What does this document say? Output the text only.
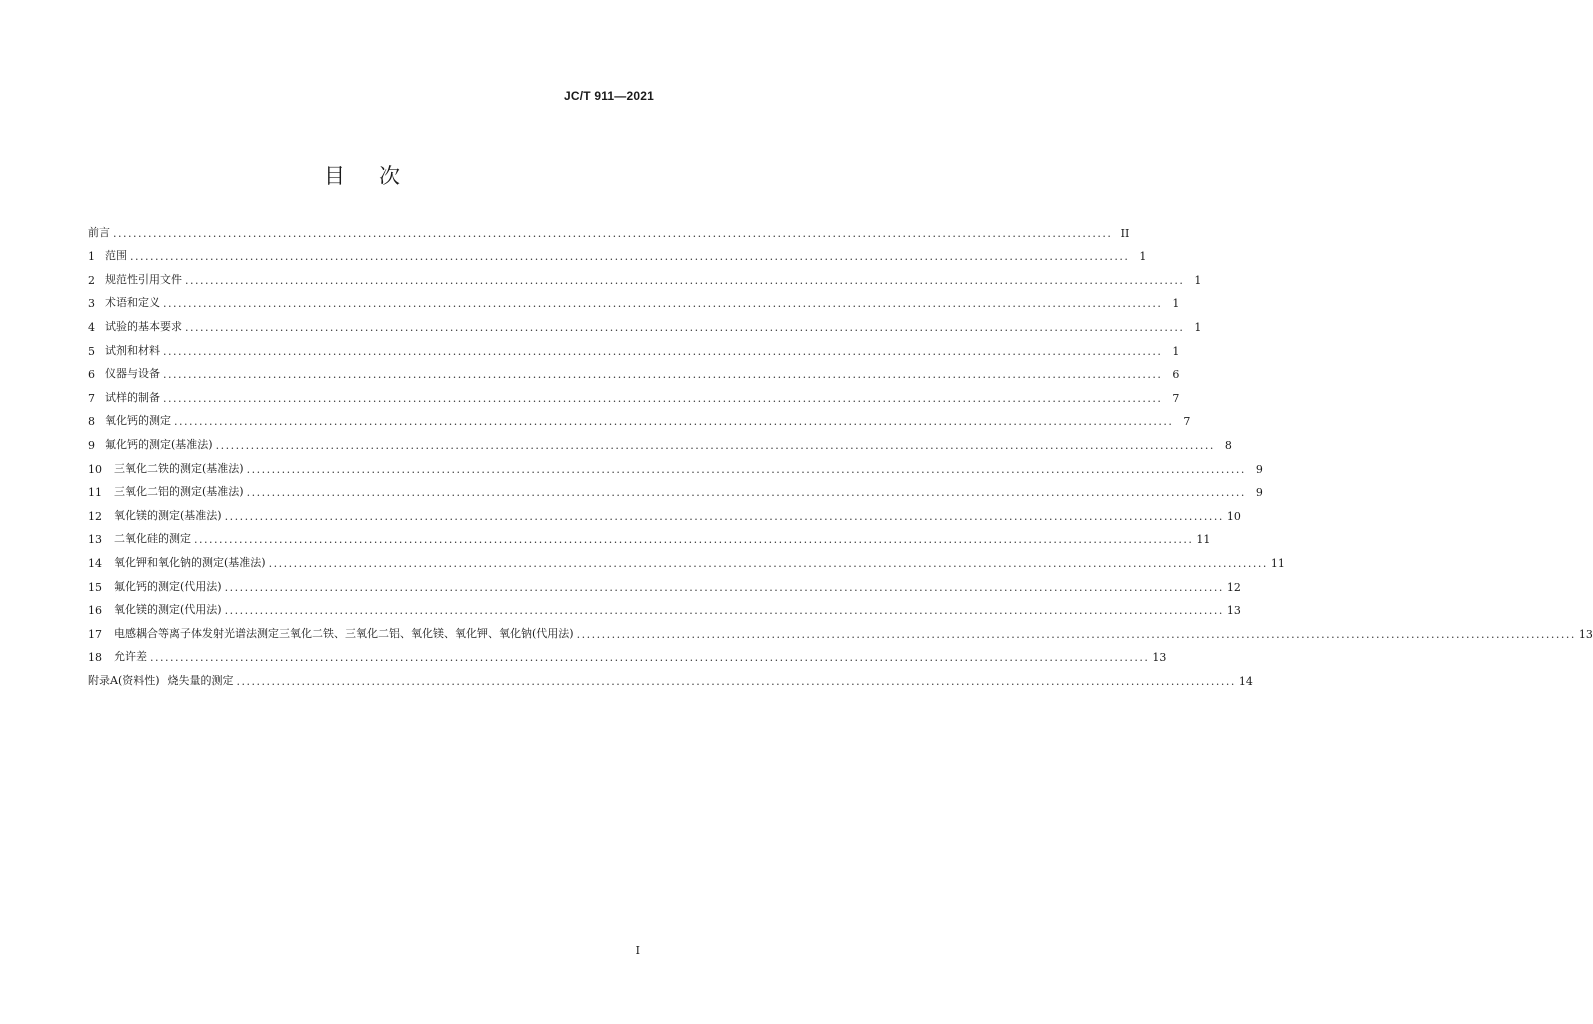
JC/T 911—2021
目次
前言 ........................................................................................................................................................................................................ II
1 范围 ........................................................................................................................................................................................................ 1
2 规范性引用文件 ........................................................................................................................................................................................................ 1
3 术语和定义 ........................................................................................................................................................................................................ 1
4 试验的基本要求 ........................................................................................................................................................................................................ 1
5 试剂和材料 ........................................................................................................................................................................................................ 1
6 仪器与设备 ........................................................................................................................................................................................................ 6
7 试样的制备 ........................................................................................................................................................................................................ 7
8 氧化钙的测定 ........................................................................................................................................................................................................ 7
9 氟化钙的测定(基准法) ........................................................................................................................................................................................................ 8
10 三氧化二铁的测定(基准法) ........................................................................................................................................................................................................ 9
11 三氧化二铝的测定(基准法) ........................................................................................................................................................................................................ 9
12 氧化镁的测定(基准法) ........................................................................................................................................................................................................ 10
13 二氧化硅的测定 ........................................................................................................................................................................................................ 11
14 氧化钾和氧化钠的测定(基准法) ........................................................................................................................................................................................................ 11
15 氟化钙的测定(代用法) ........................................................................................................................................................................................................ 12
16 氧化镁的测定(代用法) ........................................................................................................................................................................................................ 13
17 电感耦合等离子体发射光谱法测定三氧化二铁、三氧化二铝、氧化镁、氧化钾、氧化钠(代用法) ........................................................................................................................................................................................................ 13
18 允许差 ........................................................................................................................................................................................................ 13
附录A(资料性) 烧失量的测定 ........................................................................................................................................................................................................ 14
I
